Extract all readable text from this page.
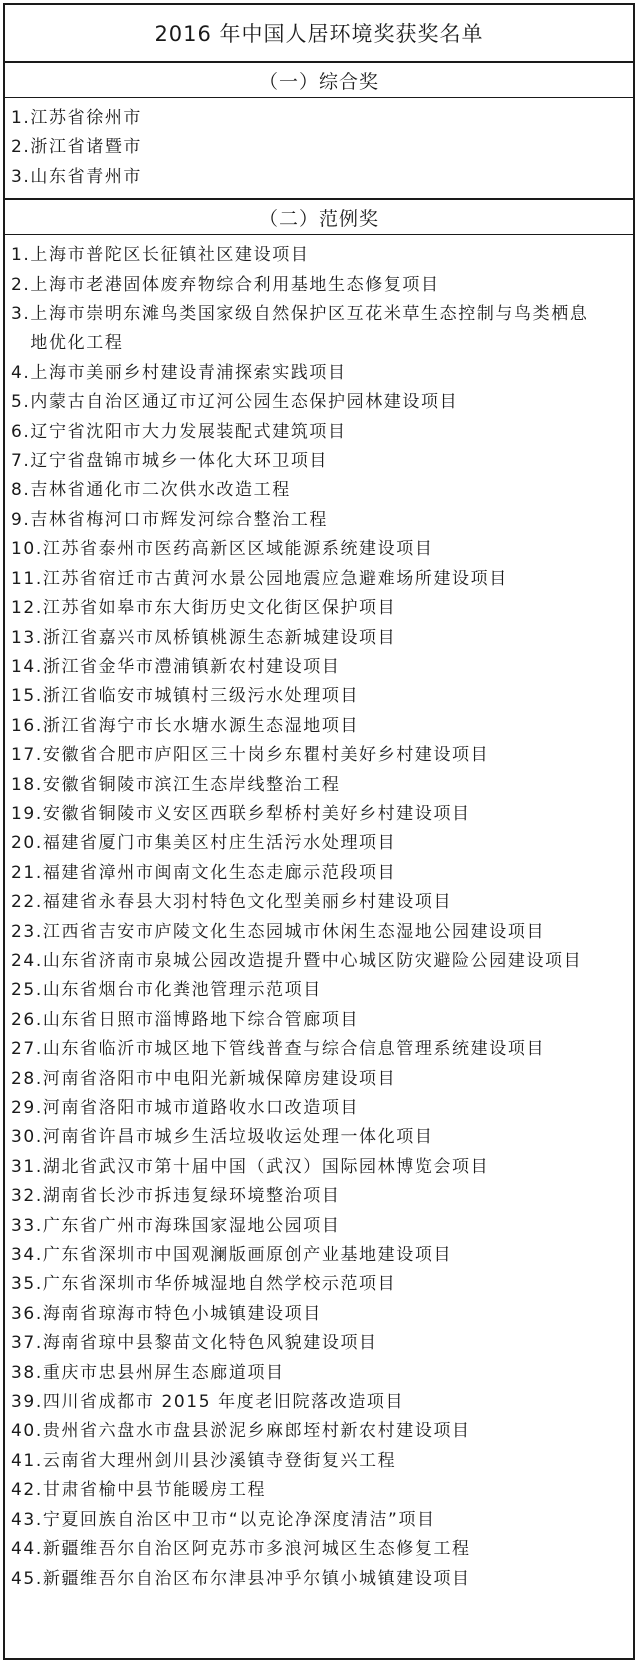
2016 年中国人居环境奖获奖名单
（一）综合奖
1. 江苏省徐州市
2. 浙江省诸暨市
3. 山东省青州市
（二）范例奖
1. 上海市普陀区长征镇社区建设项目
2. 上海市老港固体废弃物综合利用基地生态修复项目
3. 上海市崇明东滩鸟类国家级自然保护区互花米草生态控制与鸟类栖息地优化工程
4. 上海市美丽乡村建设青浦探索实践项目
5. 内蒙古自治区通辽市辽河公园生态保护园林建设项目
6. 辽宁省沈阳市大力发展装配式建筑项目
7. 辽宁省盘锦市城乡一体化大环卫项目
8. 吉林省通化市二次供水改造工程
9. 吉林省梅河口市辉发河综合整治工程
10. 江苏省泰州市医药高新区区域能源系统建设项目
11. 江苏省宿迁市古黄河水景公园地震应急避难场所建设项目
12. 江苏省如皋市东大街历史文化街区保护项目
13. 浙江省嘉兴市凤桥镇桃源生态新城建设项目
14. 浙江省金华市澧浦镇新农村建设项目
15. 浙江省临安市城镇村三级污水处理项目
16. 浙江省海宁市长水塘水源生态湿地项目
17. 安徽省合肥市庐阳区三十岗乡东瞿村美好乡村建设项目
18. 安徽省铜陵市滨江生态岸线整治工程
19. 安徽省铜陵市义安区西联乡犁桥村美好乡村建设项目
20. 福建省厦门市集美区村庄生活污水处理项目
21. 福建省漳州市闽南文化生态走廊示范段项目
22. 福建省永春县大羽村特色文化型美丽乡村建设项目
23. 江西省吉安市庐陵文化生态园城市休闲生态湿地公园建设项目
24. 山东省济南市泉城公园改造提升暨中心城区防灾避险公园建设项目
25. 山东省烟台市化粪池管理示范项目
26. 山东省日照市淄博路地下综合管廊项目
27. 山东省临沂市城区地下管线普查与综合信息管理系统建设项目
28. 河南省洛阳市中电阳光新城保障房建设项目
29. 河南省洛阳市城市道路收水口改造项目
30. 河南省许昌市城乡生活垃圾收运处理一体化项目
31. 湖北省武汉市第十届中国（武汉）国际园林博览会项目
32. 湖南省长沙市拆违复绿环境整治项目
33. 广东省广州市海珠国家湿地公园项目
34. 广东省深圳市中国观澜版画原创产业基地建设项目
35. 广东省深圳市华侨城湿地自然学校示范项目
36. 海南省琼海市特色小城镇建设项目
37. 海南省琼中县黎苗文化特色风貌建设项目
38. 重庆市忠县州屏生态廊道项目
39. 四川省成都市 2015 年度老旧院落改造项目
40. 贵州省六盘水市盘县淤泥乡麻郎垤村新农村建设项目
41. 云南省大理州剑川县沙溪镇寺登街复兴工程
42. 甘肃省榆中县节能暖房工程
43. 宁夏回族自治区中卫市“以克论净深度清洁”项目
44. 新疆维吾尔自治区阿克苏市多浪河城区生态修复工程
45. 新疆维吾尔自治区布尔津县冲乎尔镇小城镇建设项目
